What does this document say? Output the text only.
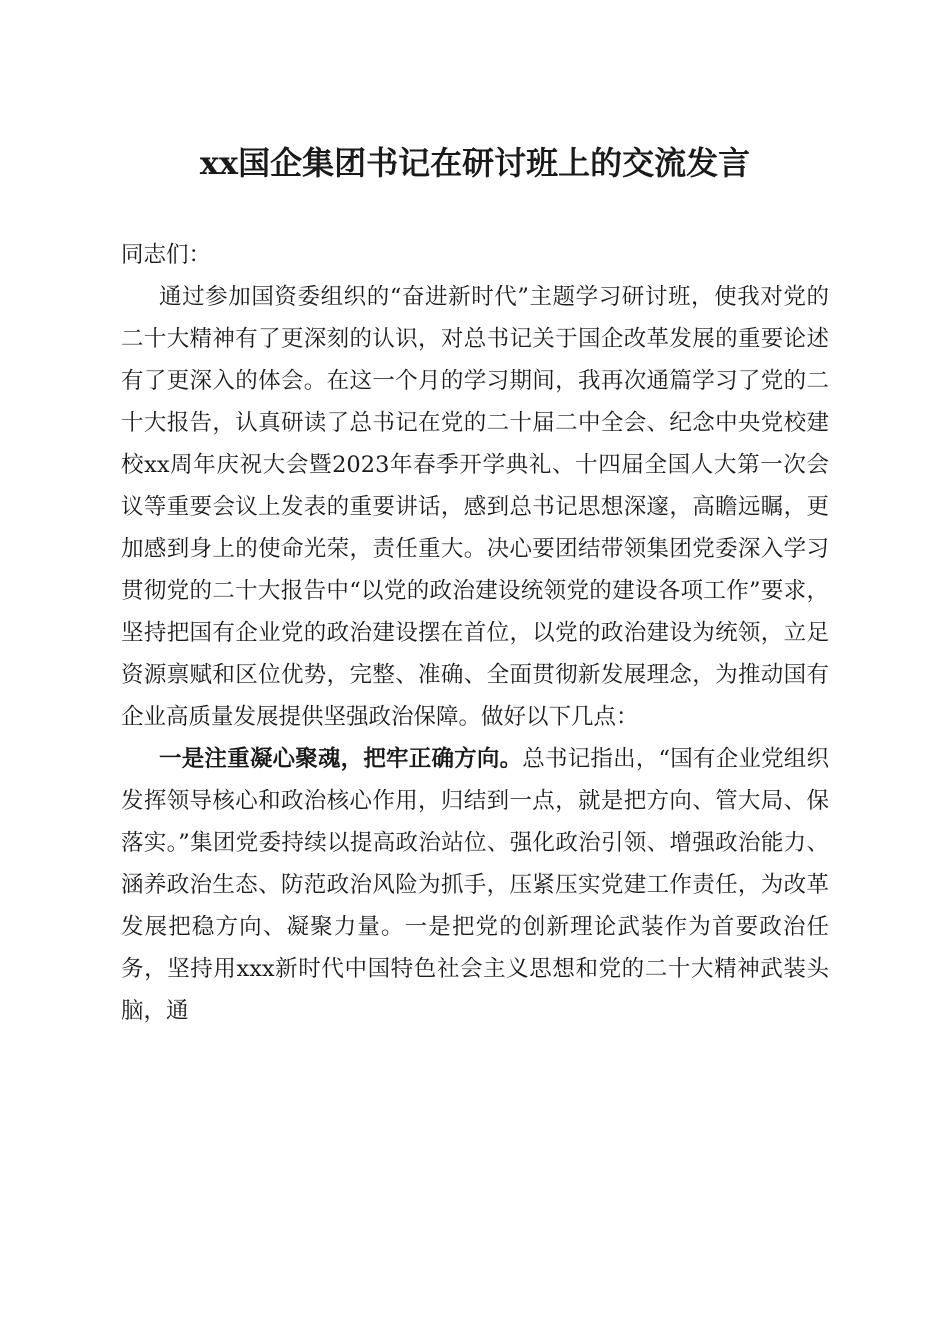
xx国企集团书记在研讨班上的交流发言

同志们：

通过参加国资委组织的“奋进新时代”主题学习研讨班，使我对党的二十大精神有了更深刻的认识，对总书记关于国企改革发展的重要论述有了更深入的体会。在这一个月的学习期间，我再次通篇学习了党的二十大报告，认真研读了总书记在党的二十届二中全会、纪念中央党校建校xx周年庆祝大会暨2023年春季开学典礼、十四届全国人大第一次会议等重要会议上发表的重要讲话，感到总书记思想深邃，高瞻远瞩，更加感到身上的使命光荣，责任重大。决心要团结带领集团党委深入学习贯彻党的二十大报告中“以党的政治建设统领党的建设各项工作”要求，坚持把国有企业党的政治建设摆在首位，以党的政治建设为统领，立足资源禀赋和区位优势，完整、准确、全面贯彻新发展理念，为推动国有企业高质量发展提供坚强政治保障。做好以下几点：

一是注重凝心聚魂，把牢正确方向。总书记指出，“国有企业党组织发挥领导核心和政治核心作用，归结到一点，就是把方向、管大局、保落实。”集团党委持续以提高政治站位、强化政治引领、增强政治能力、涵养政治生态、防范政治风险为抓手，压紧压实党建工作责任，为改革发展把稳方向、凝聚力量。一是把党的创新理论武装作为首要政治任务，坚持用xxx新时代中国特色社会主义思想和党的二十大精神武装头脑，通
